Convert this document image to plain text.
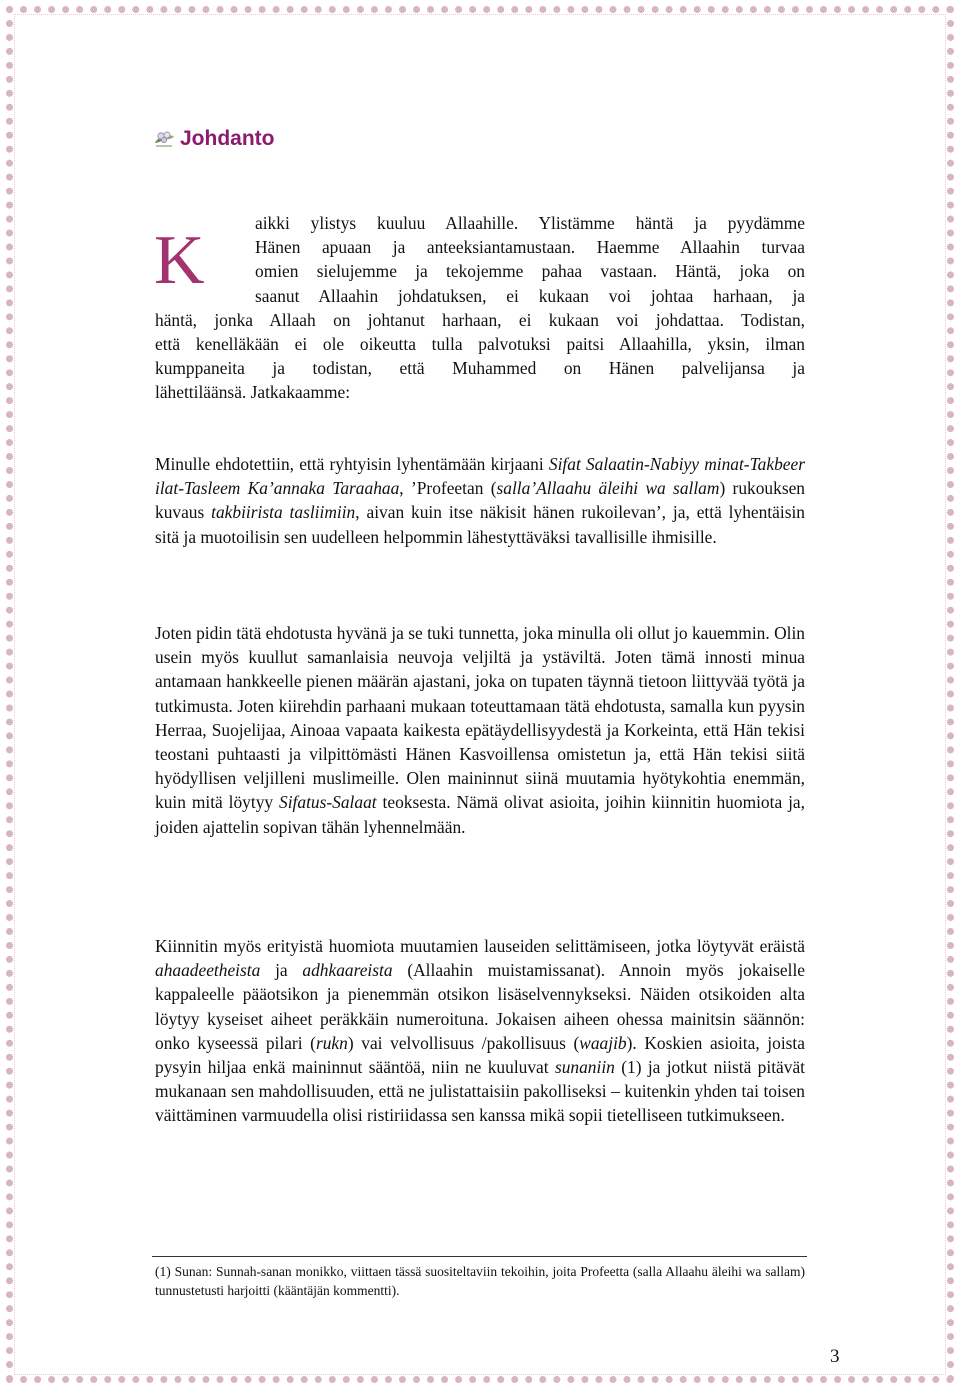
Johdanto
K	aikki ylistys kuuluu Allaahille. Ylistämme häntä ja pyydämme
Hänen apuaan ja anteeksiantamustaan. Haemme Allaahin turvaa
omien sielujemme ja tekojemme pahaa vastaan. Häntä, joka on
saanut Allaahin johdatuksen, ei kukaan voi johtaa harhaan, ja
häntä, jonka Allaah on johtanut harhaan, ei kukaan voi johdattaa. Todistan,
että kenelläkään ei ole oikeutta tulla palvotuksi paitsi Allaahilla, yksin, ilman
kumppaneita ja todistan, että Muhammed on Hänen palvelijansa ja
lähettiläänsä. Jatkakaamme:

Minulle ehdotettiin, että ryhtyisin lyhentämään kirjaani Sifat Salaatin-Nabiyy minat-Takbeer ilat-Tasleem Ka’annaka Taraahaa, ’Profeetan (salla’Allaahu äleihi wa sallam) rukouksen kuvaus takbiirista tasliimiin, aivan kuin itse näkisit hänen rukoilevan’, ja, että lyhentäisin sitä ja muotoilisin sen uudelleen helpommin lähestyttäväksi tavallisille ihmisille.

Joten pidin tätä ehdotusta hyvänä ja se tuki tunnetta, joka minulla oli ollut jo kauemmin. Olin usein myös kuullut samanlaisia neuvoja veljiltä ja ystäviltä. Joten tämä innosti minua antamaan hankkeelle pienen määrän ajastani, joka on tupaten täynnä tietoon liittyvää työtä ja tutkimusta. Joten kiirehdin parhaani mukaan toteuttamaan tätä ehdotusta, samalla kun pyysin Herraa, Suojelijaa, Ainoaa vapaata kaikesta epätäydellisyydestä ja Korkeinta, että Hän tekisi teostani puhtaasti ja vilpittömästi Hänen Kasvoillensa omistetun ja, että Hän tekisi siitä hyödyllisen veljilleni muslimeille. Olen maininnut siinä muutamia hyötykohtia enemmän, kuin mitä löytyy Sifatus-Salaat teoksesta. Nämä olivat asioita, joihin kiinnitin huomiota ja, joiden ajattelin sopivan tähän lyhennelmään.

Kiinnitin myös erityistä huomiota muutamien lauseiden selittämiseen, jotka löytyvät eräistä ahaadeetheista ja adhkaareista (Allaahin muistamissanat). Annoin myös jokaiselle kappaleelle pääotsikon ja pienemmän otsikon lisäselvennykseksi. Näiden otsikoiden alta löytyy kyseiset aiheet peräkkäin numeroituna. Jokaisen aiheen ohessa mainitsin säännön: onko kyseessä pilari (rukn) vai velvollisuus /pakollisuus (waajib). Koskien asioita, joista pysyin hiljaa enkä maininnut sääntöä, niin ne kuuluvat sunaniin (1) ja jotkut niistä pitävät mukanaan sen mahdollisuuden, että ne julistattaisiin pakolliseksi – kuitenkin yhden tai toisen väittäminen varmuudella olisi ristiriidassa sen kanssa mikä sopii tietelliseen tutkimukseen.

(1) Sunan: Sunnah-sanan monikko, viittaen tässä suositeltaviin tekoihin, joita Profeetta (salla Allaahu äleihi wa sallam) tunnustetusti harjoitti (kääntäjän kommentti).
3
